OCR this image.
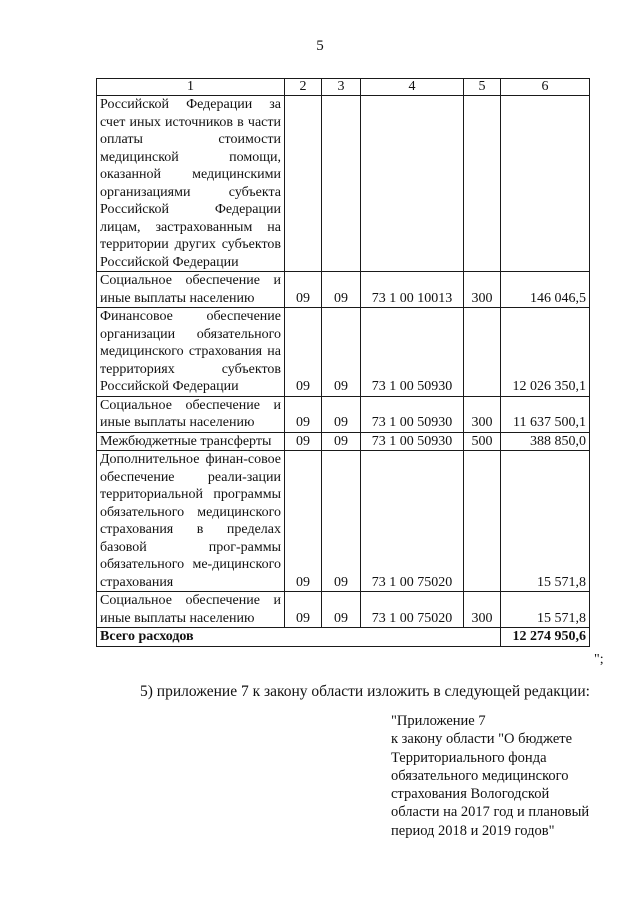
5
1	2	3	4	5	6
Российской Федерации за счет иных источников в части оплаты стоимости медицинской помощи, оказанной медицинскими организациями субъекта Российской Федерации лицам, застрахованным на территории других субъектов Российской Федерации					
Социальное обеспечение и иные выплаты населению	09	09	73 1 00 10013	300	146 046,5
Финансовое обеспечение организации обязательного медицинского страхования на территориях субъектов Российской Федерации	09	09	73 1 00 50930		12 026 350,1
Социальное обеспечение и иные выплаты населению	09	09	73 1 00 50930	300	11 637 500,1
Межбюджетные трансферты	09	09	73 1 00 50930	500	388 850,0
Дополнительное финан-совое обеспечение реали-зации территориальной программы обязательного медицинского страхования в пределах базовой прог-раммы обязательного ме-дицинского страхования	09	09	73 1 00 75020		15 571,8
Социальное обеспечение и иные выплаты населению	09	09	73 1 00 75020	300	15 571,8
Всего расходов					12 274 950,6
";
5) приложение 7 к закону области изложить в следующей редакции:
"Приложение 7
к закону области "О бюджете
Территориального фонда
обязательного медицинского
страхования Вологодской
области на 2017 год и плановый
период 2018 и 2019 годов"
